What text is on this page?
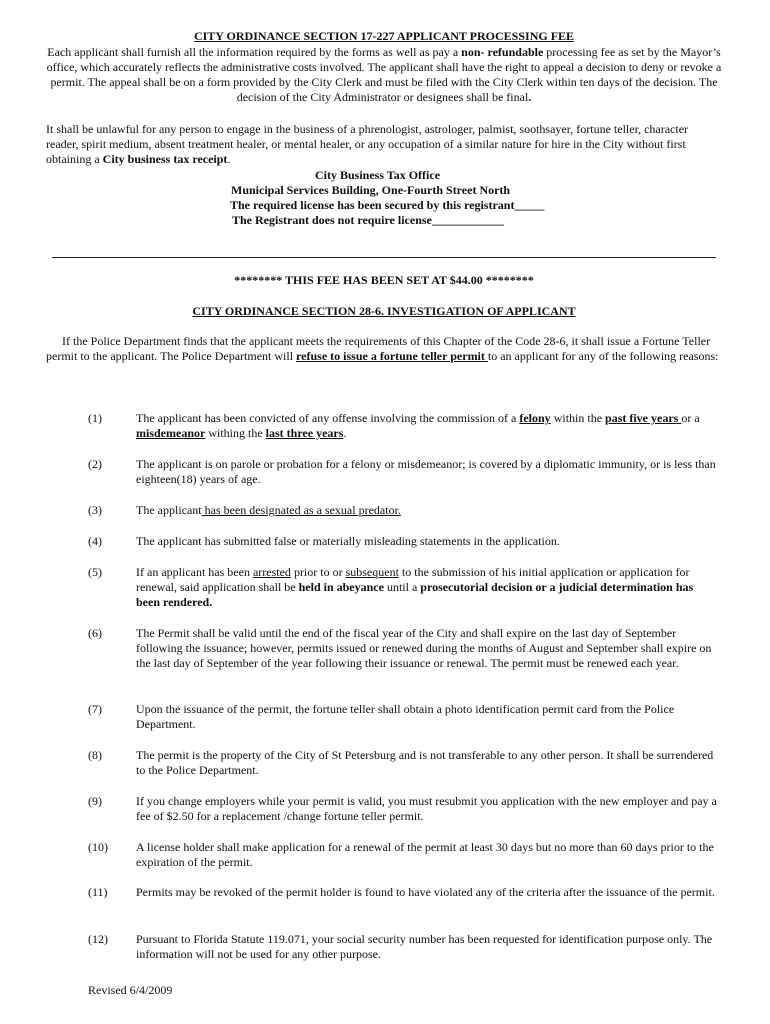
CITY ORDINANCE SECTION 17-227 APPLICANT PROCESSING FEE
Each applicant shall furnish all the information required by the forms as well as pay a non- refundable processing fee as set by the Mayor’s office, which accurately reflects the administrative costs involved. The applicant shall have the right to appeal a decision to deny or revoke a permit. The appeal shall be on a form provided by the City Clerk and must be filed with the City Clerk within ten days of the decision. The decision of the City Administrator or designees shall be final.
It shall be unlawful for any person to engage in the business of a phrenologist, astrologer, palmist, soothsayer, fortune teller, character reader, spirit medium, absent treatment healer, or mental healer, or any occupation of a similar nature for hire in the City without first obtaining a City business tax receipt.
City Business Tax Office
Municipal Services Building, One-Fourth Street North
The required license has been secured by this registrant_____
The Registrant does not require license____________
******** THIS FEE HAS BEEN SET AT $44.00 ********
CITY ORDINANCE SECTION 28-6. INVESTIGATION OF APPLICANT
If the Police Department finds that the applicant meets the requirements of this Chapter of the Code 28-6, it shall issue a Fortune Teller permit to the applicant. The Police Department will refuse to issue a fortune teller permit to an applicant for any of the following reasons:
(1)	The applicant has been convicted of any offense involving the commission of a felony within the past five years or a misdemeanor withing the last three years.
(2)	The applicant is on parole or probation for a felony or misdemeanor; is covered by a diplomatic immunity, or is less than eighteen(18) years of age.
(3)	The applicant has been designated as a sexual predator.
(4)	The applicant has submitted false or materially misleading statements in the application.
(5)	If an applicant has been arrested prior to or subsequent to the submission of his initial application or application for renewal, said application shall be held in abeyance until a prosecutorial decision or a judicial determination has been rendered.
(6)	The Permit shall be valid until the end of the fiscal year of the City and shall expire on the last day of September following the issuance; however, permits issued or renewed during the months of August and September shall expire on the last day of September of the year following their issuance or renewal. The permit must be renewed each year.
(7)	Upon the issuance of the permit, the fortune teller shall obtain a photo identification permit card from the Police Department.
(8)	The permit is the property of the City of St Petersburg and is not transferable to any other person. It shall be surrendered to the Police Department.
(9)	If you change employers while your permit is valid, you must resubmit you application with the new employer and pay a fee of $2.50 for a replacement /change fortune teller permit.
(10) A license holder shall make application for a renewal of the permit at least 30 days but no more than 60 days prior to the expiration of the permit.
(11) Permits may be revoked of the permit holder is found to have violated any of the criteria after the issuance of the permit.
(12) Pursuant to Florida Statute 119.071, your social security number has been requested for identification purpose only. The information will not be used for any other purpose.
Revised 6/4/2009
